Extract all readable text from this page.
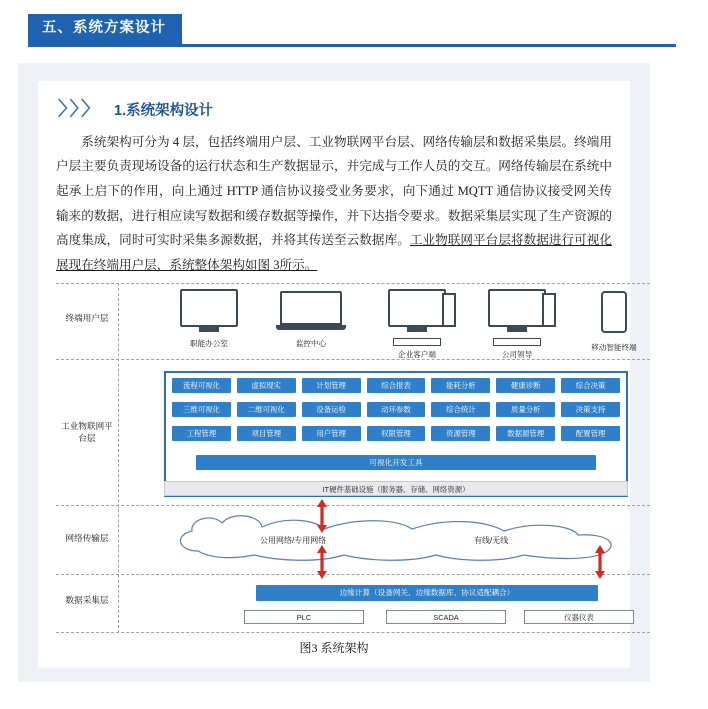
五、系统方案设计
〉〉〉 1.系统架构设计

系统架构可分为 4 层，包括终端用户层、工业物联网平台层、网络传输层和数据采集层。终端用户层主要负责现场设备的运行状态和生产数据显示，并完成与工作人员的交互。网络传输层在系统中起承上启下的作用，向上通过 HTTP 通信协议接受业务要求，向下通过 MQTT 通信协议接受网关传输来的数据，进行相应读写数据和缓存数据等操作，并下达指令要求。数据采集层实现了生产资源的高度集成，同时可实时采集多源数据，并将其传送至云数据库。工业物联网平台层将数据进行可视化展现在终端用户层，系统整体架构如图 3所示。

终端用户层
工业物联网平
台层
网络传输层
数据采集层
职能办公室	监控中心
企业客户端	公司领导
移动智能终端
流程可视化	虚拟现实	计划管理	综合报表	能耗分析	健康诊断	综合决策
三维可视化	二维可视化	设备运检	动环参数	综合统计	质量分析	决策支持
工程管理	项目管理	用户管理	权限管理	资源管理	数据源管理	配置管理
可视化开发工具
IT硬件基础设施（服务器、存储、网络资源）
公用网络/专用网络	有线/无线
边缘计算（设备网关、边缘数据库、协议适配耦合）
PLC	SCADA	仪器仪表
图3 系统架构
